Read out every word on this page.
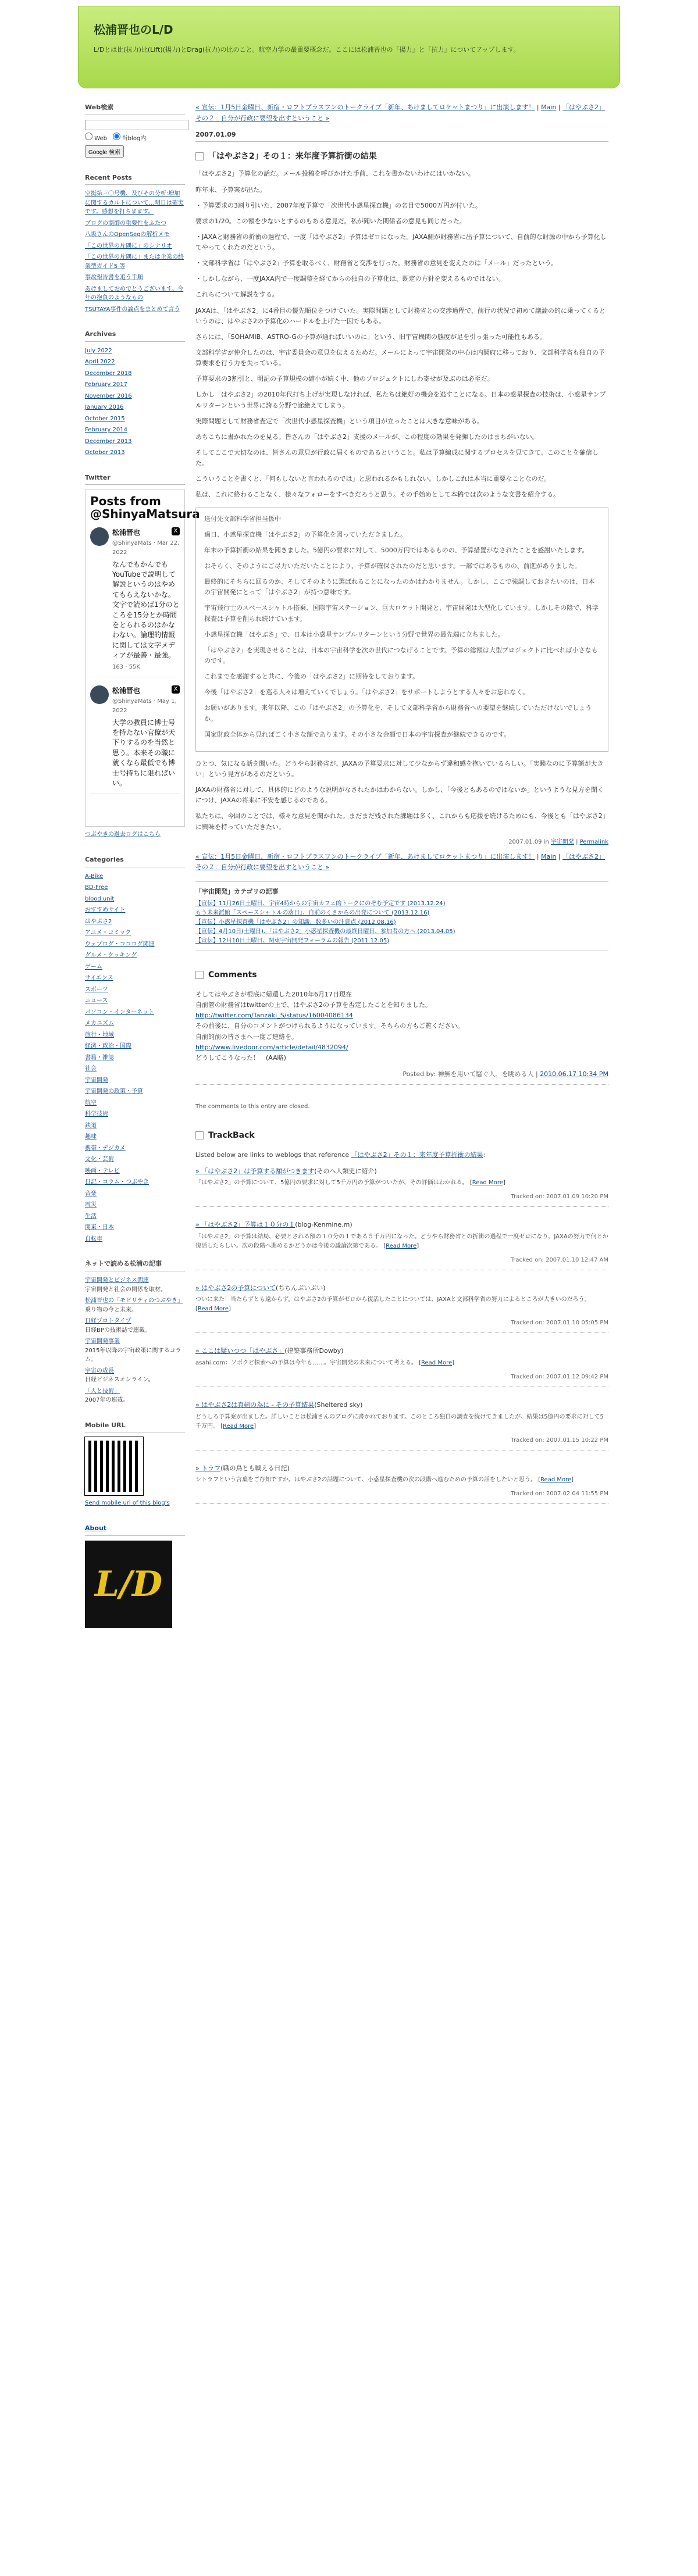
松浦晋也のL/D

L/Dとは比(抗力)比(Lift)(揚力)とDrag(抗力)の比のこと。航空力学の最重要概念だ。ここには松浦晋也の「揚力」と「抗力」についてアップします。

Web検索
Web	当blog内
Google 検索
Recent Posts
空挺第三〇号機、及びその分析:増加に関するカルトについて…明日は確実です。感想を打ちまます。
ブログの制御の重要性をふたつ
八坂さんのOpenSeqの解析メモ
「この世界の片隅に」のシナリオ
「この世界の片隅に」または企業の終業型ガイド5 等
事故報告書を追う手順
あけましておめでとうございます。今年の抱負のようなもの
TSUTAYA事件の論点をまとめて言う
Archives
July 2022
April 2022
December 2018
February 2017
November 2016
January 2016
October 2015
February 2014
December 2013
October 2013
Twitter
Posts from @ShinyaMatsura
松浦晋也	X
@ShinyaMats · Mar 22, 2022
なんでもかんでもYouTubeで説明して解説というのはやめてもらえないかな。文字で読めば1分のところを15分とか時間をとられるのはかなわない。論理的情報に関しては文字メディアが最善・最強。
163 · 55K
松浦晋也	X
@ShinyaMats · May 1, 2022
大学の教員に博士号を持たない官僚が天下りするのを当然と思う。本来その職に就くなら最低でも博士号持ちに限ればいい。
つぶやきの過去ログはこちら
Categories
A-Bike
BD-Free
blood.unit
おすすめサイト
はやぶさ2
アニメ・コミック
ウェブログ・ココログ関連
グルメ・クッキング
ゲーム
サイエンス
スポーツ
ニュース
パソコン・インターネット
メカニズム
旅行・地域
経済・政治・国際
書籍・雑誌
社会
宇宙開発
宇宙開発の政策・予算
航空
科学技術
鉄道
趣味
携帯・デジカメ
文化・芸術
映画・テレビ
日記・コラム・つぶやき
音楽
震災
生活
関東・日本
自転車
ネットで読める松浦の記事
宇宙開発とビジネス関連
宇宙開発と社会の関係を取材。
松浦晋也の「モビリティのつぶやき」
乗り物の今と未来。
日経プロトタイプ
日経BPの技術誌で連載。
宇宙開発事業
2015年以降の宇宙政策に関するコラム。
宇宙の成長
日経ビジネスオンライン。
「人と技術」
2007年の連載。
Mobile URL
Send mobile url of this blog's
About
L/D
« 宣伝：1月5日金曜日、新宿・ロフトプラスワンのトークライブ「新年、あけましてロケットまつり」に出演します！ | Main | 「はやぶさ2」その２：自分が行政に要望を出すということ »
2007.01.09
「はやぶさ2」その１：来年度予算折衝の結果

「はやぶさ2」予算化の話だ。メール投稿を呼びかけた手前、これを書かないわけにはいかない。

昨年末、予算案が出た。

・予算要求の3割り引いた、2007年度予算で「次世代小惑星探査機」の名目で5000万円が付いた。

要求の1/20。この額を少ないとするのもある意見だ。私が聞いた関係者の意見も同じだった。

・JAXAと財務省の折衝の過程で、一度「はやぶさ2」予算はゼロになった。JAXA側が財務省に出予算について、自前的な財源の中から予算化してやってくれたのだという。

・文部科学省は「はやぶさ2」予算を取るべく、財務省と交渉を行った。財務省の意見を変えたのは「メール」だったという。

・しかしながら、一度JAXA内で一度調整を経てからの独自の予算化は、既定の方針を変えるものではない。

これらについて解説をする。

JAXAは、「はやぶさ2」に4番目の優先順位をつけていた。実際問題として財務省との交渉過程で、前行の状況で初めて議論の的に乗ってくるというのは、はやぶさ2の予算化のハードルを上げた一因でもある。

さらには、「SOHAMIB、ASTRO-Gの予算が通ればいいのに」という、旧宇宙機関の態度が足を引っ張った可能性もある。

文部科学省が仲介したのは、宇宙委員会の意見を伝えるためだ。メールによって宇宙開発の中心は内閣府に移っており、文部科学省も独自の予算要求を行う力を失っている。

予算要求の3割引と、明記の予算規模の縮小が続く中、他のプロジェクトにしわ寄せが及ぶのは必至だ。

しかし「はやぶさ2」の2010年代打ち上げが実現しなければ、私たちは絶好の機会を逃すことになる。日本の惑星探査の技術は、小惑星サンプルリターンという世界に誇る分野で途絶えてしまう。

実際問題として財務省査定で「次世代小惑星探査機」という項目が立ったことは大きな意味がある。

あちこちに書かれたのを見る。皆さんの「はやぶさ2」支援のメールが、この程度の効果を発揮したのはまちがいない。

そしてここで大切なのは、皆さんの意見が行政に届くものであるということ。私は予算編成に関するプロセスを見てきて、このことを確信した。

こういうことを書くと、「何もしないと言われるのでは」と思われるかもしれない。しかしこれは本当に重要なことなのだ。

私は、これに終わることなく、様々なフォローをすべきだろうと思う。その手始めとして本稿では次のような文書を紹介する。

送付先文部科学省担当係中

過日、小惑星探査機「はやぶさ2」の予算化を図っていただきました。

年末の予算折衝の結果を聞きました。5億円の要求に対して、5000万円ではあるものの、予算措置がなされたことを感謝いたします。

おそらく、そのようにご尽力いただいたことにより、予算が確保されたのだと思います。一部ではあるものの、前進がありました。

最終的にそちらに回るのか、そしてそのように選ばれることになったのかはわかりません。しかし、ここで強調しておきたいのは、日本の宇宙開発にとって「はやぶさ2」が持つ意味です。

宇宙飛行士のスペースシャトル搭乗、国際宇宙ステーション、巨大ロケット開発と、宇宙開発は大型化しています。しかしその陰で、科学探査は予算を削られ続けています。

小惑星探査機「はやぶさ」で、日本は小惑星サンプルリターンという分野で世界の最先端に立ちました。

「はやぶさ2」を実現させることは、日本の宇宙科学を次の世代につなげることです。予算の総額は大型プロジェクトに比べれば小さなものです。

これまでを感謝すると共に、今後の「はやぶさ2」に期待をしております。

今後「はやぶさ2」を巡る人々は増えていくでしょう。「はやぶさ2」をサポートしようとする人々をお忘れなく。

お願いがあります。来年以降、この「はやぶさ2」の予算化を、そして文部科学省から財務省への要望を継続していただけないでしょうか。

国家財政全体から見ればごく小さな額であります。その小さな金額で日本の宇宙探査が継続できるのです。

ひとつ、気になる話を聞いた。どうやら財務省が、JAXAの予算要求に対して少なからず違和感を抱いているらしい。「実験なのに予算額が大きい」という見方があるのだという。

JAXAの財務省に対して、具体的にどのような説明がなされたかはわからない。しかし、「今後ともあるのではないか」というような見方を聞くにつけ、JAXAの将来に不安を感じるのである。

私たちは、今回のことでは、様々な意見を聞かれた。まだまだ残された課題は多く、これからも応援を続けるためにも、今後とも「はやぶさ2」に興味を持っていただきたい。

2007.01.09 in 宇宙開発 | Permalink
« 宣伝：1月5日金曜日、新宿・ロフトプラスワンのトークライブ「新年、あけましてロケットまつり」に出演します！ | Main | 「はやぶさ2」その２：自分が行政に要望を出すということ »
「宇宙開発」カテゴリの記事
【宣伝】11月26日土曜日、宇宙4時からの宇宙カフェ的トークにのぞむ予定です (2013.12.24)
もう未来派館「スペースシャトルの落日」、自前のくさからの出発について (2013.12.16)
【宣伝】小惑星探査機「はやぶさ2」の知識、数多いの注意点 (2012.08.16)
【宣伝】4月10日(土曜日)、「はやぶさ2」小惑星探査機の最終日曜日、参加者の方へ (2013.04.05)
【宣伝】12月10日土曜日、関東宇宙開発フォーラムの報告 (2011.12.05)
Comments

そしてはやぶさが根底に帰還した2010年6月17日現在

自前管の財務省はtwitterの上で、はやぶさ2の予算を否定したことを知りました。

http://twitter.com/Tanzaki_S/status/16004086134

その前後に、自分のコメントがつけられるようになっています。そちらの方もご覧ください。

自前的前の皆さまへ一度ご連絡を。

http://www.livedoor.com/article/detail/4832094/

どうしてこうなった！　(AA略)

Posted by: 神無を用いて騒ぐ人。を眺める人 | 2010.06.17 10:34 PM
The comments to this entry are closed.
TrackBack
Listed below are links to weblogs that reference 「はやぶさ2」その１：来年度予算折衝の結果:
» 「はやぶさ2」は予算する額がつきます(そのヘ人類史に紹介)
「はやぶさ2」の予算について、5億円の要求に対して5千万円の予算がついたが、その評価はわかれる。 [Read More]
Tracked on: 2007.01.09 10:20 PM
» 「はやぶさ2」予算は１０分の１(blog-Kenmine.m)
「はやぶさ2」の予算は結局、必要とされる額の１０分の１である５千万円になった。どうやら財務省との折衝の過程で一度ゼロになり、JAXAの努力で何とか復活したらしい。次の段階へ進めるかどうかは今後の議論次第である。 [Read More]
Tracked on: 2007.01.10 12:47 AM
» はやぶさ2の予算について(ちちんぷいぷい)
ついに来た！当たらずとも遠からず。はやぶさ2の予算がゼロから復活したことについては、JAXAと文部科学省の努力によるところが大きいのだろう。 [Read More]
Tracked on: 2007.01.10 05:05 PM
» ここは疑いつつ「はやぶさ」(建築事務所Dowby)
asahi.com：ソポクピ探索への予算は今年も……。宇宙開発の未来について考える。 [Read More]
Tracked on: 2007.01.12 09:42 PM
» はやぶさ2は真剣の為に - その予算結果(Sheltered sky)
どうしろ予算案が出ました。詳しいことは松浦さんのブログに書かれております。このところ独自の調査を続けてきましたが、結果は5億円の要求に対して5千万円。 [Read More]
Tracked on: 2007.01.15 10:22 PM
» トラフ(職の鳥とも戦える日記)
シトラフという言葉をご存知ですか。はやぶさ2の話題について、小惑星探査機の次の段階へ進むための予算の話をしたいと思う。 [Read More]
Tracked on: 2007.02.04 11:55 PM
